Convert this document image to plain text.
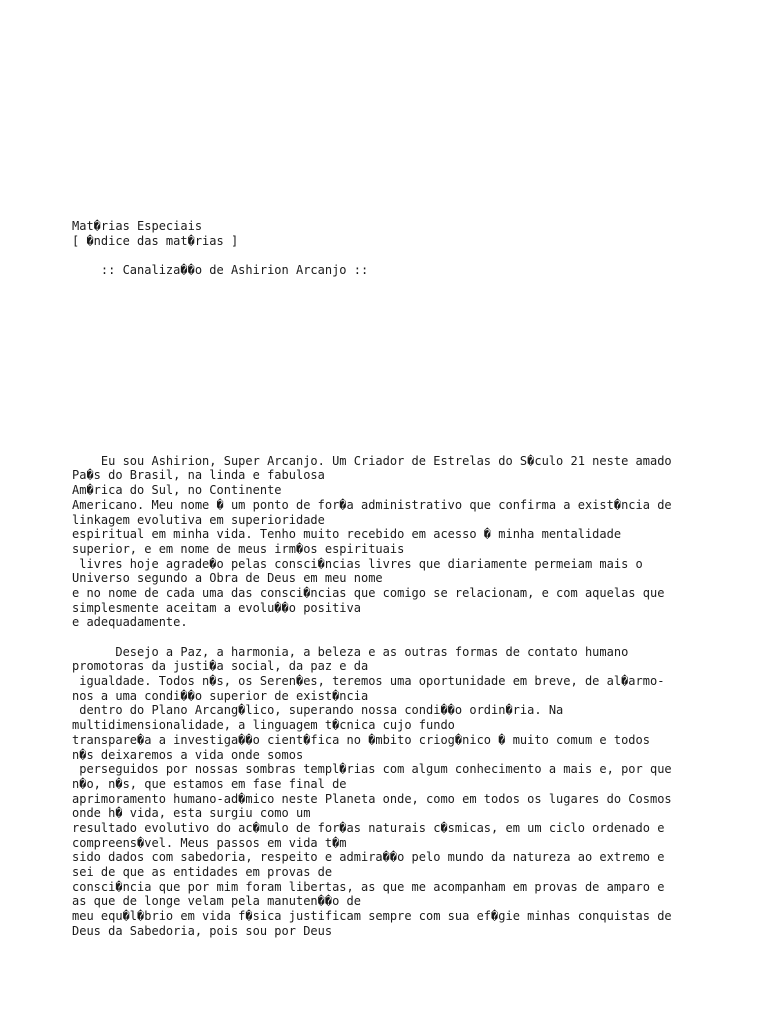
Mat�rias Especiais
[ �ndice das mat�rias ]
:: Canaliza��o de Ashirion Arcanjo ::
Eu sou Ashirion, Super Arcanjo. Um Criador de Estrelas do S�culo 21 neste amado
Pa�s do Brasil, na linda e fabulosa
Am�rica do Sul, no Continente
Americano. Meu nome � um ponto de for�a administrativo que confirma a exist�ncia de
linkagem evolutiva em superioridade
espiritual em minha vida. Tenho muito recebido em acesso � minha mentalidade
superior, e em nome de meus irm�os espirituais
livres hoje agrade�o pelas consci�ncias livres que diariamente permeiam mais o
Universo segundo a Obra de Deus em meu nome
e no nome de cada uma das consci�ncias que comigo se relacionam, e com aquelas que
simplesmente aceitam a evolu��o positiva
e adequadamente.
Desejo a Paz, a harmonia, a beleza e as outras formas de contato humano
promotoras da justi�a social, da paz e da
igualdade. Todos n�s, os Seren�es, teremos uma oportunidade em breve, de al�armo-
nos a uma condi��o superior de exist�ncia
dentro do Plano Arcang�lico, superando nossa condi��o ordin�ria. Na
multidimensionalidade, a linguagem t�cnica cujo fundo
transpare�a a investiga��o cient�fica no �mbito criog�nico � muito comum e todos
n�s deixaremos a vida onde somos
perseguidos por nossas sombras templ�rias com algum conhecimento a mais e, por que
n�o, n�s, que estamos em fase final de
aprimoramento humano-ad�mico neste Planeta onde, como em todos os lugares do Cosmos
onde h� vida, esta surgiu como um
resultado evolutivo do ac�mulo de for�as naturais c�smicas, em um ciclo ordenado e
compreens�vel. Meus passos em vida t�m
sido dados com sabedoria, respeito e admira��o pelo mundo da natureza ao extremo e
sei de que as entidades em provas de
consci�ncia que por mim foram libertas, as que me acompanham em provas de amparo e
as que de longe velam pela manuten��o de
meu equ�l�brio em vida f�sica justificam sempre com sua ef�gie minhas conquistas de
Deus da Sabedoria, pois sou por Deus
